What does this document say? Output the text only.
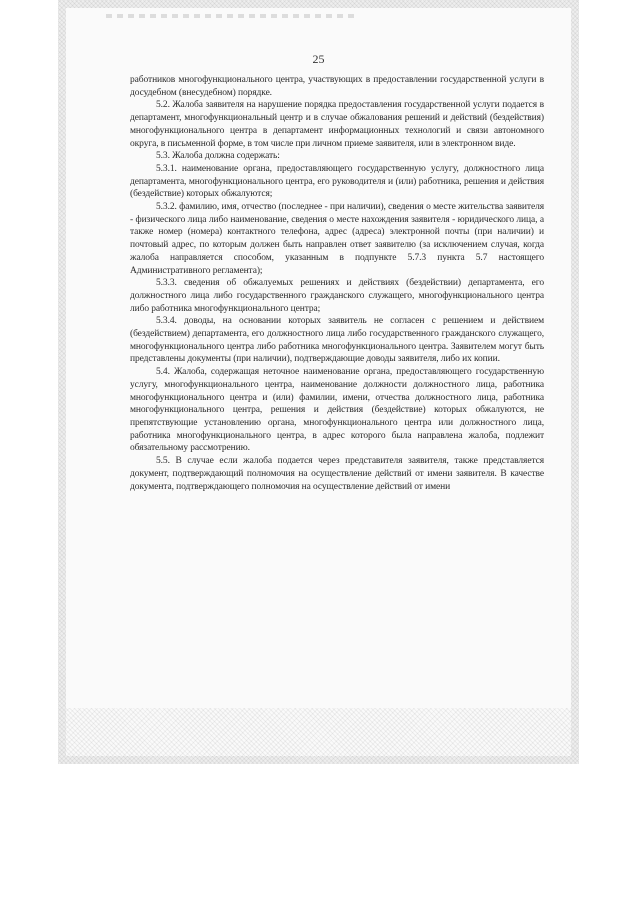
25

работников многофункционального центра, участвующих в предоставлении государственной услуги в досудебном (внесудебном) порядке.

5.2. Жалоба заявителя на нарушение порядка предоставления государственной услуги подается в департамент, многофункциональный центр и в случае обжалования решений и действий (бездействия) многофункционального центра в департамент информационных технологий и связи автономного округа, в письменной форме, в том числе при личном приеме заявителя, или в электронном виде.

5.3. Жалоба должна содержать:

5.3.1. наименование органа, предоставляющего государственную услугу, должностного лица департамента, многофункционального центра, его руководителя и (или) работника, решения и действия (бездействие) которых обжалуются;

5.3.2. фамилию, имя, отчество (последнее - при наличии), сведения о месте жительства заявителя - физического лица либо наименование, сведения о месте нахождения заявителя - юридического лица, а также номер (номера) контактного телефона, адрес (адреса) электронной почты (при наличии) и почтовый адрес, по которым должен быть направлен ответ заявителю (за исключением случая, когда жалоба направляется способом, указанным в подпункте 5.7.3 пункта 5.7 настоящего Административного регламента);

5.3.3. сведения об обжалуемых решениях и действиях (бездействии) департамента, его должностного лица либо государственного гражданского служащего, многофункционального центра либо работника многофункционального центра;

5.3.4. доводы, на основании которых заявитель не согласен с решением и действием (бездействием) департамента, его должностного лица либо государственного гражданского служащего, многофункционального центра либо работника многофункционального центра. Заявителем могут быть представлены документы (при наличии), подтверждающие доводы заявителя, либо их копии.

5.4. Жалоба, содержащая неточное наименование органа, предоставляющего государственную услугу, многофункционального центра, наименование должности должностного лица, работника многофункционального центра и (или) фамилии, имени, отчества должностного лица, работника многофункционального центра, решения и действия (бездействие) которых обжалуются, не препятствующие установлению органа, многофункционального центра или должностного лица, работника многофункционального центра, в адрес которого была направлена жалоба, подлежит обязательному рассмотрению.

5.5. В случае если жалоба подается через представителя заявителя, также представляется документ, подтверждающий полномочия на осуществление действий от имени заявителя. В качестве документа, подтверждающего полномочия на осуществление действий от имени
